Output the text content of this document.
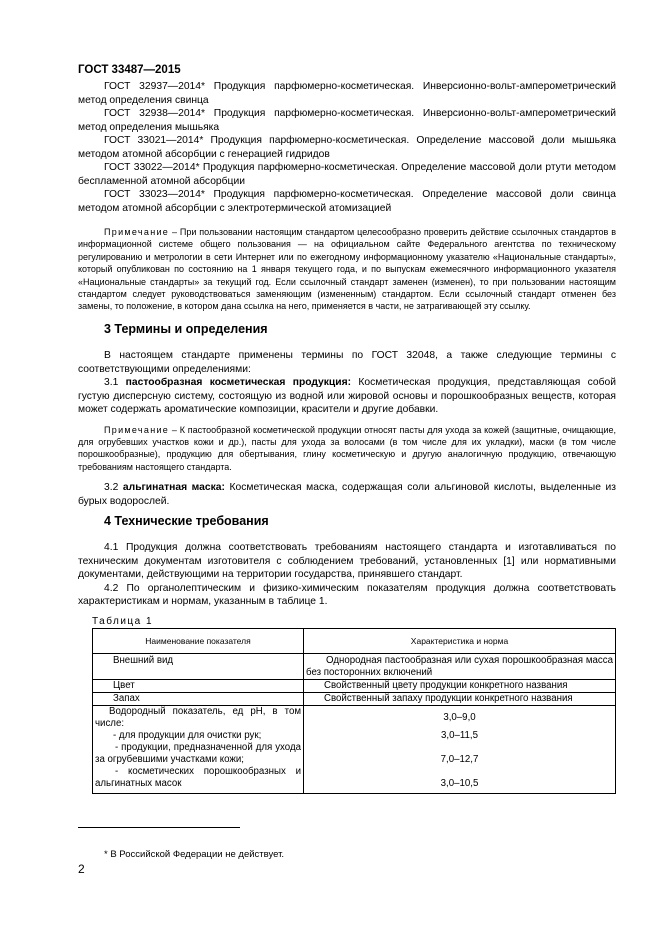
ГОСТ 33487—2015

ГОСТ 32937—2014* Продукция парфюмерно-косметическая. Инверсионно-вольт-амперометрический метод определения свинца

ГОСТ 32938—2014* Продукция парфюмерно-косметическая. Инверсионно-вольт-амперометрический метод определения мышьяка

ГОСТ 33021—2014* Продукция парфюмерно-косметическая. Определение массовой доли мышьяка методом атомной абсорбции с генерацией гидридов

ГОСТ 33022—2014* Продукция парфюмерно-косметическая. Определение массовой доли ртути методом беспламенной атомной абсорбции

ГОСТ 33023—2014* Продукция парфюмерно-косметическая. Определение массовой доли свинца методом атомной абсорбции с электротермической атомизацией

Примечание – При пользовании настоящим стандартом целесообразно проверить действие ссылочных стандартов в информационной системе общего пользования — на официальном сайте Федерального агентства по техническому регулированию и метрологии в сети Интернет или по ежегодному информационному указателю «Национальные стандарты», который опубликован по состоянию на 1 января текущего года, и по выпускам ежемесячного информационного указателя «Национальные стандарты» за текущий год. Если ссылочный стандарт заменен (изменен), то при пользовании настоящим стандартом следует руководствоваться заменяющим (измененным) стандартом. Если ссылочный стандарт отменен без замены, то положение, в котором дана ссылка на него, применяется в части, не затрагивающей эту ссылку.

3 Термины и определения

В настоящем стандарте применены термины по ГОСТ 32048, а также следующие термины с соответствующими определениями:

3.1 пастообразная косметическая продукция: Косметическая продукция, представляющая собой густую дисперсную систему, состоящую из водной или жировой основы и порошкообразных веществ, которая может содержать ароматические композиции, красители и другие добавки.

Примечание – К пастообразной косметической продукции относят пасты для ухода за кожей (защитные, очищающие, для огрубевших участков кожи и др.), пасты для ухода за волосами (в том числе для их укладки), маски (в том числе порошкообразные), продукцию для обертывания, глину косметическую и другую аналогичную продукцию, отвечающую требованиям настоящего стандарта.

3.2 альгинатная маска: Косметическая маска, содержащая соли альгиновой кислоты, выделенные из бурых водорослей.

4 Технические требования

4.1 Продукция должна соответствовать требованиям настоящего стандарта и изготавливаться по техническим документам изготовителя с соблюдением требований, установленных [1] или нормативными документами, действующими на территории государства, принявшего стандарт.

4.2 По органолептическим и физико-химическим показателям продукция должна соответствовать характеристикам и нормам, указанным в таблице 1.

Таблица 1
Наименование показателя	Характеристика и норма
Внешний вид	Однородная пастообразная или сухая порошкообразная масса без посторонних включений
Цвет	Свойственный цвету продукции конкретного названия
Запах	Свойственный запаху продукции конкретного названия
Водородный показатель, ед pH, в том числе:	3,0–9,0
- для продукции для очистки рук;	3,0–11,5
- продукции, предназначенной для ухода за огрубевшими участками кожи;	7,0–12,7
- косметических порошкообразных и альгинатных масок	3,0–10,5
* В Российской Федерации не действует.
2
